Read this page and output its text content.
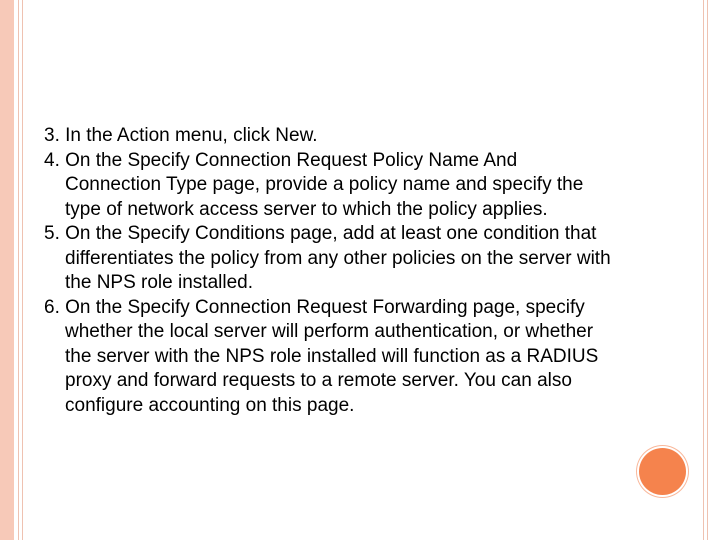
3. In the Action menu, click New.

4. On the Specify Connection Request Policy Name And Connection Type page, provide a policy name and specify the type of network access server to which the policy applies.

5. On the Specify Conditions page, add at least one condition that differentiates the policy from any other policies on the server with the NPS role installed.

6. On the Specify Connection Request Forwarding page, specify whether the local server will perform authentication, or whether the server with the NPS role installed will function as a RADIUS proxy and forward requests to a remote server. You can also configure accounting on this page.
